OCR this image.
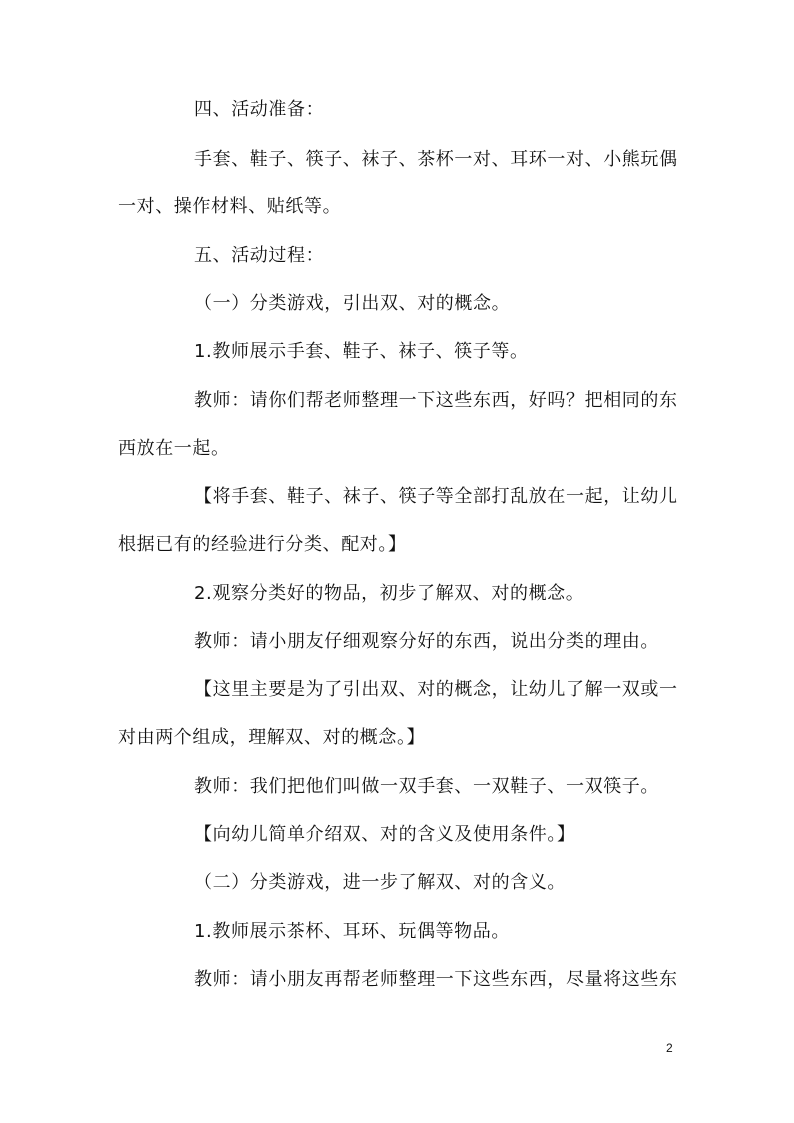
四、活动准备：
手套、鞋子、筷子、袜子、茶杯一对、耳环一对、小熊玩偶
一对、操作材料、贴纸等。
五、活动过程：
（一）分类游戏，引出双、对的概念。
1.教师展示手套、鞋子、袜子、筷子等。
教师：请你们帮老师整理一下这些东西，好吗？把相同的东
西放在一起。
【将手套、鞋子、袜子、筷子等全部打乱放在一起，让幼儿
根据已有的经验进行分类、配对。】
2.观察分类好的物品，初步了解双、对的概念。
教师：请小朋友仔细观察分好的东西，说出分类的理由。
【这里主要是为了引出双、对的概念，让幼儿了解一双或一
对由两个组成，理解双、对的概念。】
教师：我们把他们叫做一双手套、一双鞋子、一双筷子。
【向幼儿简单介绍双、对的含义及使用条件。】
（二）分类游戏，进一步了解双、对的含义。
1.教师展示茶杯、耳环、玩偶等物品。
教师：请小朋友再帮老师整理一下这些东西，尽量将这些东
2
